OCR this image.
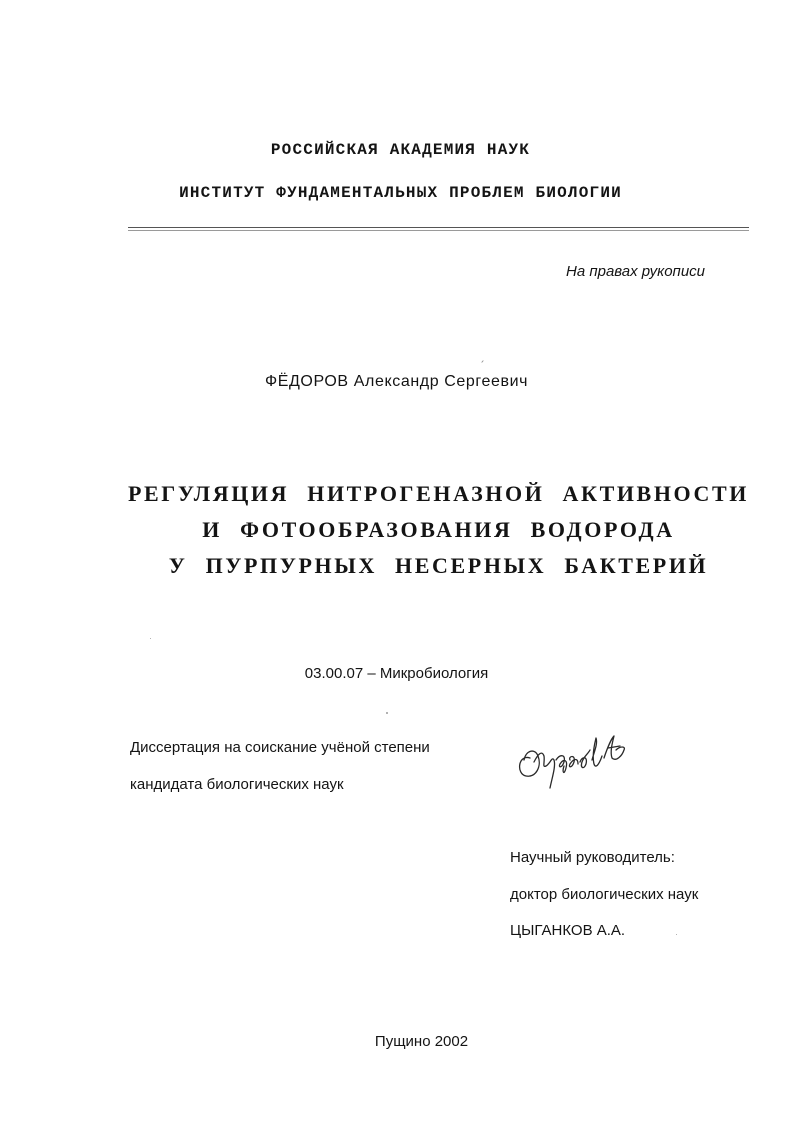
РОССИЙСКАЯ АКАДЕМИЯ НАУК
ИНСТИТУТ ФУНДАМЕНТАЛЬНЫХ ПРОБЛЕМ БИОЛОГИИ
На правах рукописи
ФЁДОРОВ Александр Сергеевич
РЕГУЛЯЦИЯ НИТРОГЕНАЗНОЙ АКТИВНОСТИ
И ФОТООБРАЗОВАНИЯ ВОДОРОДА
У ПУРПУРНЫХ НЕСЕРНЫХ БАКТЕРИЙ
03.00.07 – Микробиология
Диссертация на соискание учёной степени
кандидата биологических наук
Научный руководитель:
доктор биологических наук
ЦЫГАНКОВ А.А.
Пущино 2002
